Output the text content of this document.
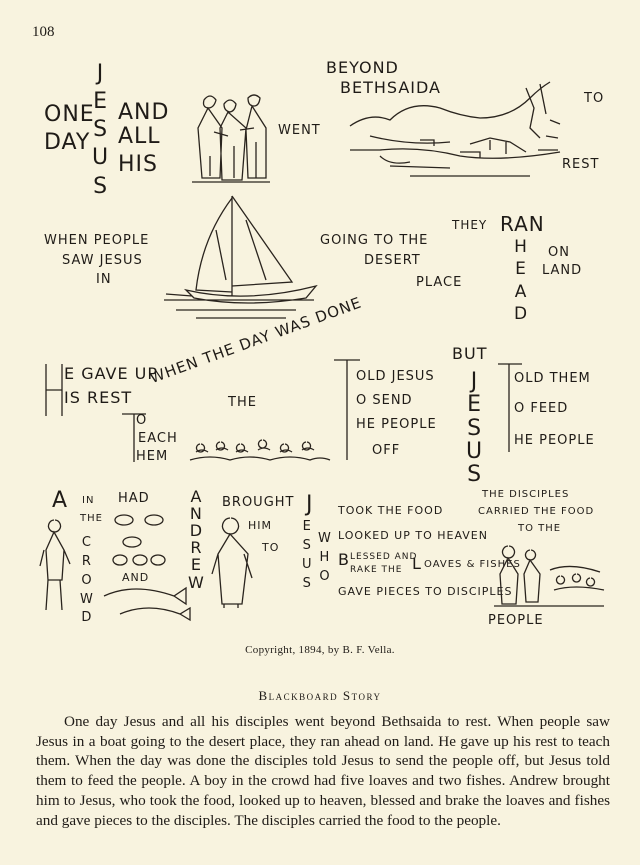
108
ONE
DAY
J
E
S
U
S
AND
ALL
HIS
WENT
BEYOND
BETHSAIDA
TO
REST
WHEN PEOPLE
SAW JESUS
IN
GOING TO THE
DESERT
PLACE
THEY RAN
H
E
A
D
ON
LAND
E GAVE UP
IS REST
WHEN THE DAY WAS DONE
THE
O
EACH
HEM
OLD JESUS
O SEND
HE PEOPLE
OFF
BUT
J
E
S
U
S
OLD THEM
O FEED
HE PEOPLE
A IN
THE
C
R
O
W
D
HAD
AND
A
N
D
R
E
W
BROUGHT
HIM
TO
J
E
S
U
S
W
H
O
TOOK THE FOOD
LOOKED UP TO HEAVEN
B LESSED AND
RAKE THE L OAVES & FISHES
GAVE PIECES TO DISCIPLES
THE DISCIPLES
CARRIED THE FOOD
TO THE
PEOPLE
Copyright, 1894, by B. F. Vella.
Blackboard Story
One day Jesus and all his disciples went beyond Bethsaida to rest. When people saw Jesus in a boat going to the desert place, they ran ahead on land. He gave up his rest to teach them. When the day was done the disciples told Jesus to send the people off, but Jesus told them to feed the people. A boy in the crowd had five loaves and two fishes. Andrew brought him to Jesus, who took the food, looked up to heaven, blessed and brake the loaves and fishes and gave pieces to the disciples. The disciples carried the food to the people.
